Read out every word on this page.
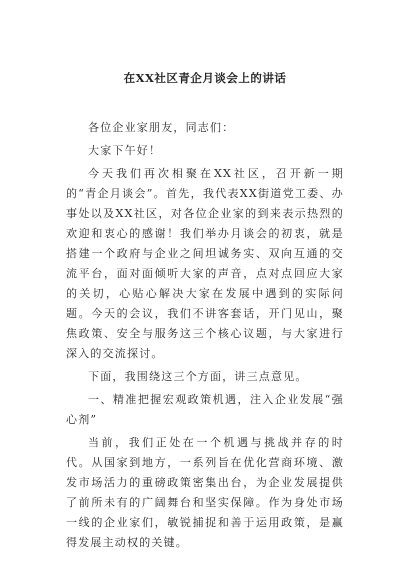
在XX社区青企月谈会上的讲话

各位企业家朋友，同志们：

大家下午好！

今天我们再次相聚在XX社区，召开新一期的“青企月谈会”。首先，我代表XX街道党工委、办事处以及XX社区，对各位企业家的到来表示热烈的欢迎和衷心的感谢！我们举办月谈会的初衷，就是搭建一个政府与企业之间坦诚务实、双向互通的交流平台，面对面倾听大家的声音，点对点回应大家的关切，心贴心解决大家在发展中遇到的实际问题。今天的会议，我们不讲客套话，开门见山，聚焦政策、安全与服务这三个核心议题，与大家进行深入的交流探讨。

下面，我围绕这三个方面，讲三点意见。

一、精准把握宏观政策机遇，注入企业发展“强心剂”

当前，我们正处在一个机遇与挑战并存的时代。从国家到地方，一系列旨在优化营商环境、激发市场活力的重磅政策密集出台，为企业发展提供了前所未有的广阔舞台和坚实保障。作为身处市场一线的企业家们，敏锐捕捉和善于运用政策，是赢得发展主动权的关键。
